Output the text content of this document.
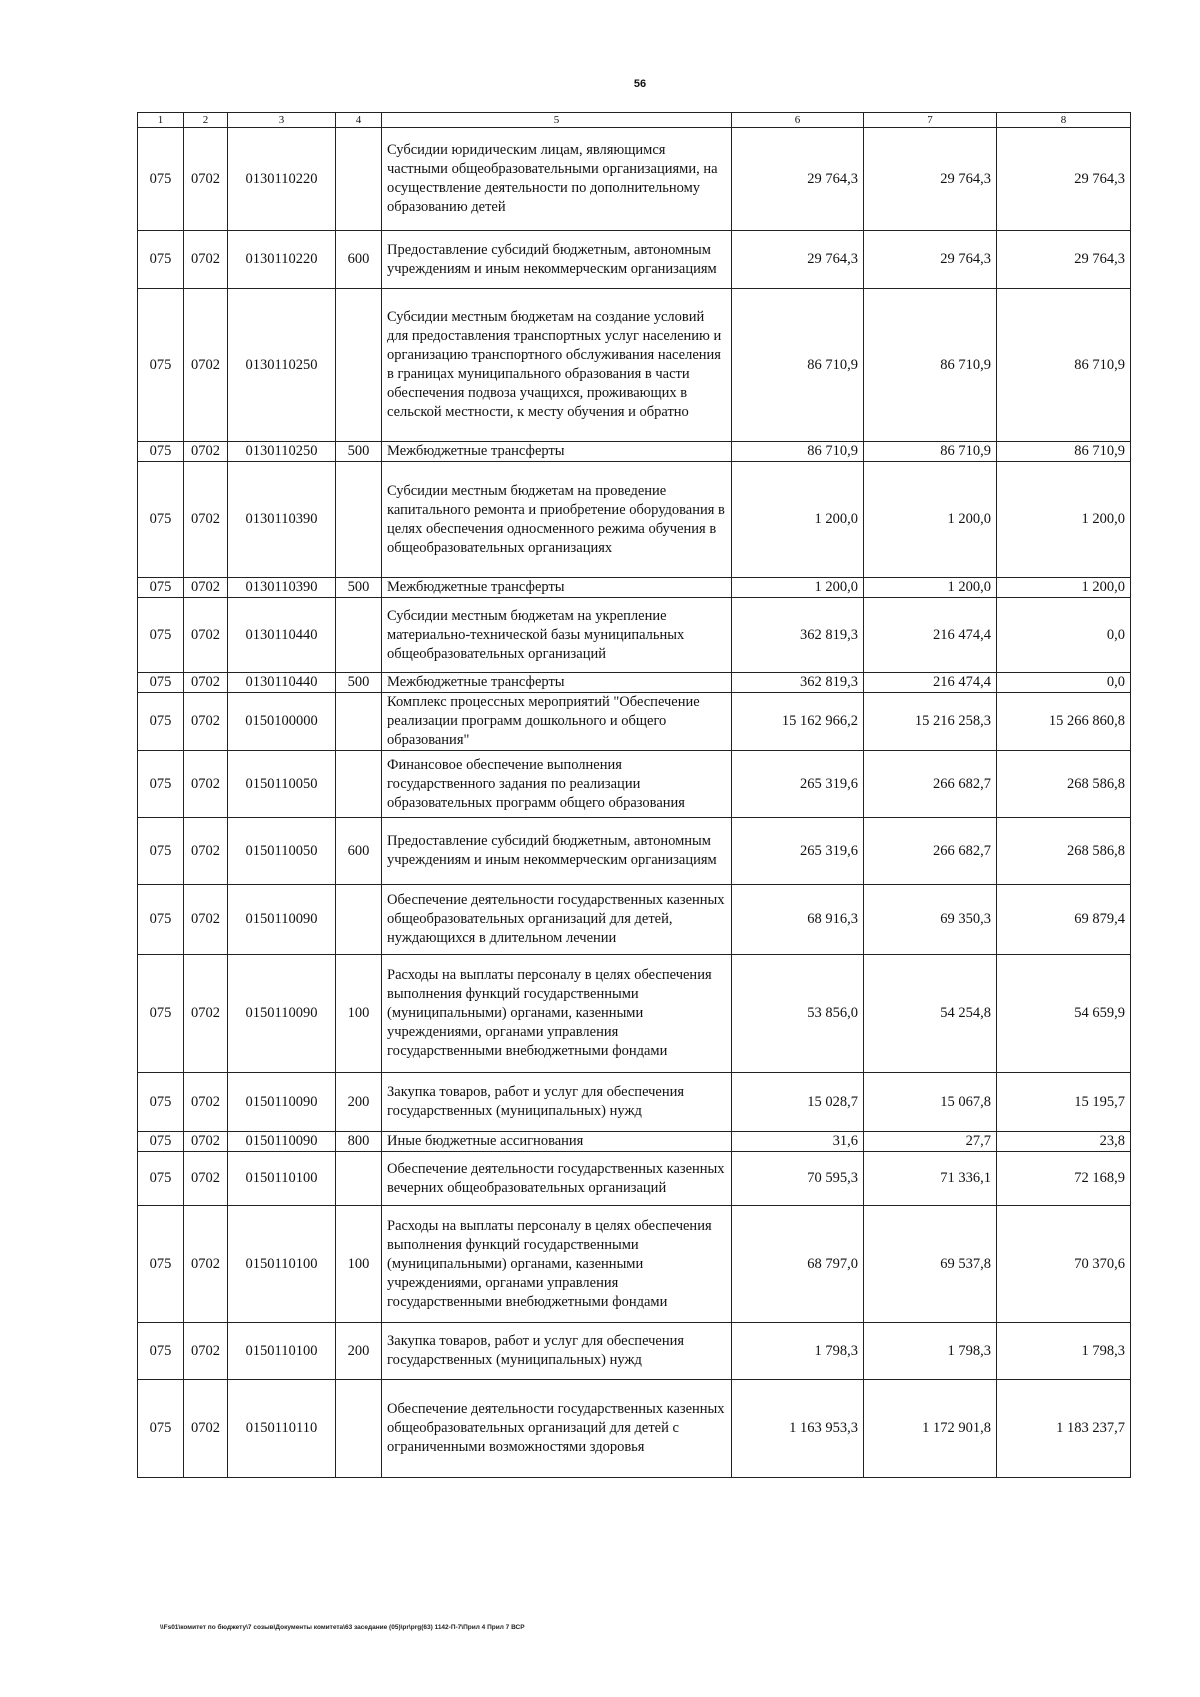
56
1	2	3	4	5	6	7	8
075	0702	0130110220		Субсидии юридическим лицам, являющимся частными общеобразовательными организациями, на осуществление деятельности по дополнительному образованию детей	29 764,3	29 764,3	29 764,3
075	0702	0130110220	600	Предоставление субсидий бюджетным, автономным учреждениям и иным некоммерческим организациям	29 764,3	29 764,3	29 764,3
075	0702	0130110250		Субсидии местным бюджетам на создание условий для предоставления транспортных услуг населению и организацию транспортного обслуживания населения в границах муниципального образования в части обеспечения подвоза учащихся, проживающих в сельской местности, к месту обучения и обратно	86 710,9	86 710,9	86 710,9
075	0702	0130110250	500	Межбюджетные трансферты	86 710,9	86 710,9	86 710,9
075	0702	0130110390		Субсидии местным бюджетам на проведение капитального ремонта и приобретение оборудования в целях обеспечения односменного режима обучения в общеобразовательных организациях	1 200,0	1 200,0	1 200,0
075	0702	0130110390	500	Межбюджетные трансферты	1 200,0	1 200,0	1 200,0
075	0702	0130110440		Субсидии местным бюджетам на укрепление материально-технической базы муниципальных общеобразовательных организаций	362 819,3	216 474,4	0,0
075	0702	0130110440	500	Межбюджетные трансферты	362 819,3	216 474,4	0,0
075	0702	0150100000		Комплекс процессных мероприятий "Обеспечение реализации программ дошкольного и общего образования"	15 162 966,2	15 216 258,3	15 266 860,8
075	0702	0150110050		Финансовое обеспечение выполнения государственного задания по реализации образовательных программ общего образования	265 319,6	266 682,7	268 586,8
075	0702	0150110050	600	Предоставление субсидий бюджетным, автономным учреждениям и иным некоммерческим организациям	265 319,6	266 682,7	268 586,8
075	0702	0150110090		Обеспечение деятельности государственных казенных общеобразовательных организаций для детей, нуждающихся в длительном лечении	68 916,3	69 350,3	69 879,4
075	0702	0150110090	100	Расходы на выплаты персоналу в целях обеспечения выполнения функций государственными (муниципальными) органами, казенными учреждениями, органами управления государственными внебюджетными фондами	53 856,0	54 254,8	54 659,9
075	0702	0150110090	200	Закупка товаров, работ и услуг для обеспечения государственных (муниципальных) нужд	15 028,7	15 067,8	15 195,7
075	0702	0150110090	800	Иные бюджетные ассигнования	31,6	27,7	23,8
075	0702	0150110100		Обеспечение деятельности государственных казенных вечерних общеобразовательных организаций	70 595,3	71 336,1	72 168,9
075	0702	0150110100	100	Расходы на выплаты персоналу в целях обеспечения выполнения функций государственными (муниципальными) органами, казенными учреждениями, органами управления государственными внебюджетными фондами	68 797,0	69 537,8	70 370,6
075	0702	0150110100	200	Закупка товаров, работ и услуг для обеспечения государственных (муниципальных) нужд	1 798,3	1 798,3	1 798,3
075	0702	0150110110		Обеспечение деятельности государственных казенных общеобразовательных организаций для детей с ограниченными возможностями здоровья	1 163 953,3	1 172 901,8	1 183 237,7
\\Fs01\комитет по бюджету\7 созыв\Документы комитета\63 заседание (05)\pr\prg(63) 1142-П-7\Прил 4 Прил 7 ВСР
